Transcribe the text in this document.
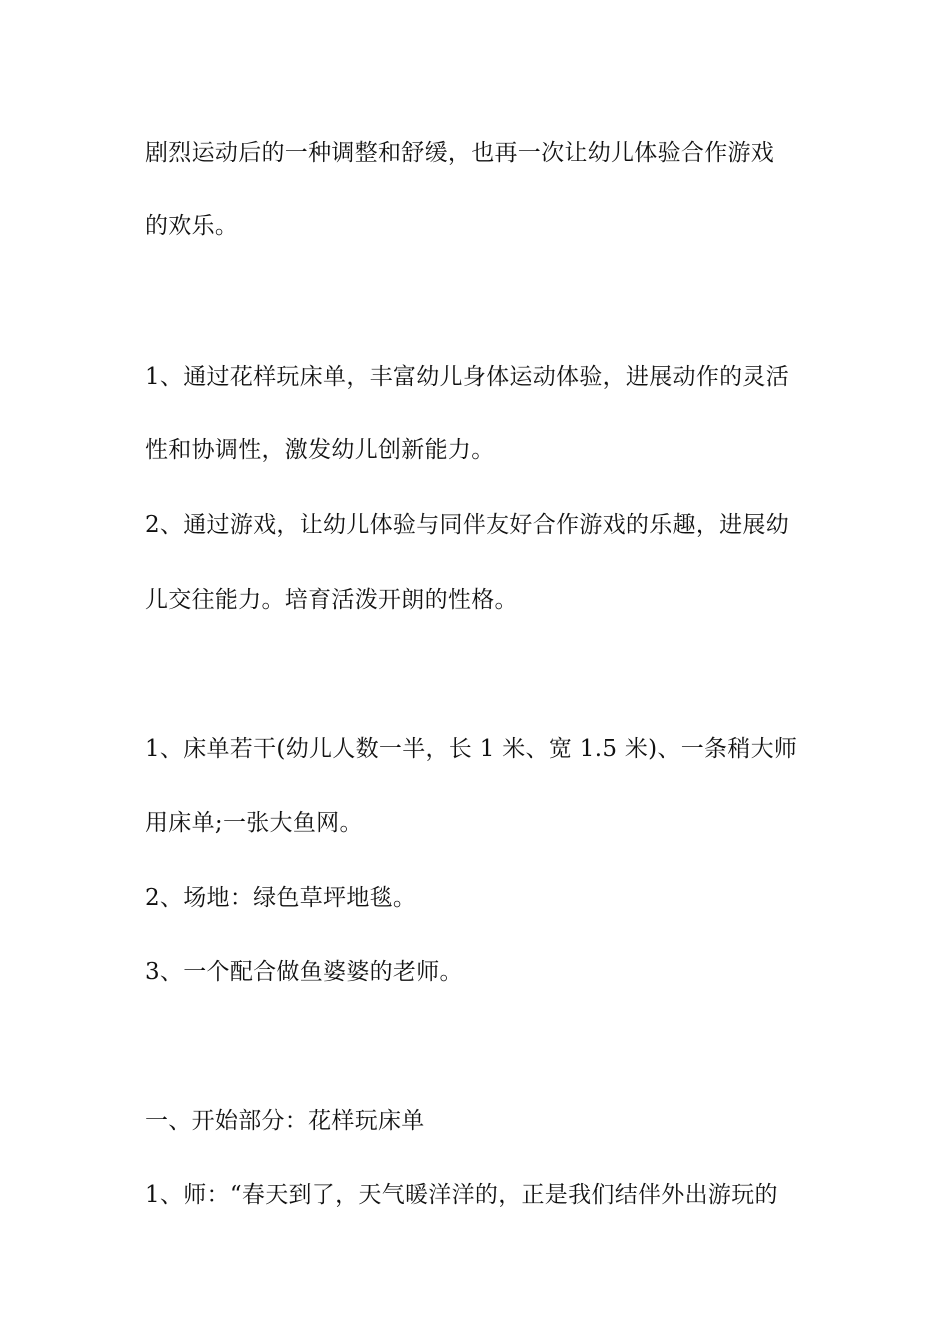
剧烈运动后的一种调整和舒缓，也再一次让幼儿体验合作游戏
的欢乐。
1、通过花样玩床单，丰富幼儿身体运动体验，进展动作的灵活
性和协调性，激发幼儿创新能力。
2、通过游戏，让幼儿体验与同伴友好合作游戏的乐趣，进展幼
儿交往能力。培育活泼开朗的性格。
1、床单若干(幼儿人数一半，长 1 米、宽 1.5 米)、一条稍大师
用床单;一张大鱼网。
2、场地：绿色草坪地毯。
3、一个配合做鱼婆婆的老师。
一、开始部分：花样玩床单
1、师：“春天到了，天气暖洋洋的，正是我们结伴外出游玩的
